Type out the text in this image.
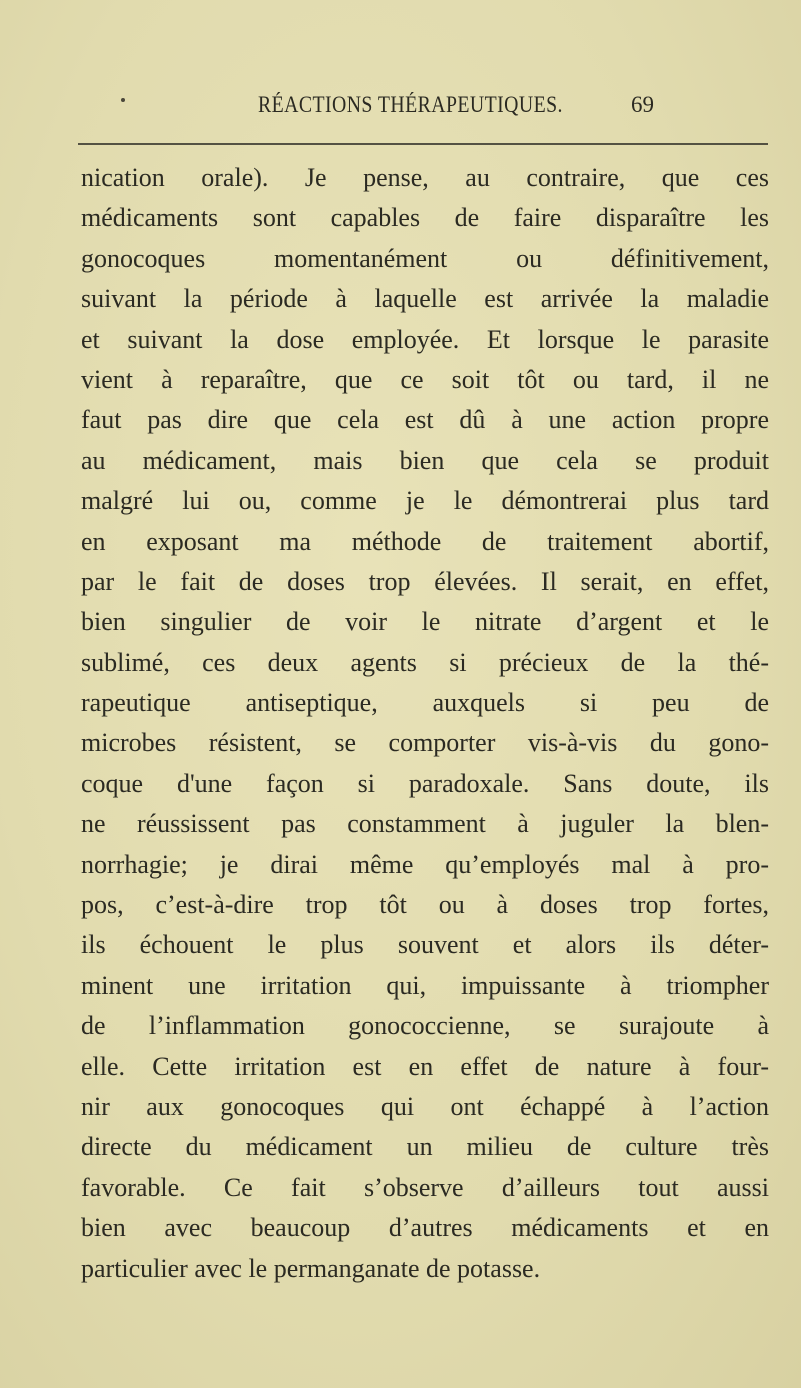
RÉACTIONS THÉRAPEUTIQUES.	69
nication orale). Je pense, au contraire, que ces
médicaments sont capables de faire disparaître les
gonocoques momentanément ou définitivement,
suivant la période à laquelle est arrivée la maladie
et suivant la dose employée. Et lorsque le parasite
vient à reparaître, que ce soit tôt ou tard, il ne
faut pas dire que cela est dû à une action propre
au médicament, mais bien que cela se produit
malgré lui ou, comme je le démontrerai plus tard
en exposant ma méthode de traitement abortif,
par le fait de doses trop élevées. Il serait, en effet,
bien singulier de voir le nitrate d’argent et le
sublimé, ces deux agents si précieux de la thé-
rapeutique antiseptique, auxquels si peu de
microbes résistent, se comporter vis-à-vis du gono-
coque d'une façon si paradoxale. Sans doute, ils
ne réussissent pas constamment à juguler la blen-
norrhagie; je dirai même qu’employés mal à pro-
pos, c’est-à-dire trop tôt ou à doses trop fortes,
ils échouent le plus souvent et alors ils déter-
minent une irritation qui, impuissante à triompher
de l’inflammation gonococcienne, se surajoute à
elle. Cette irritation est en effet de nature à four-
nir aux gonocoques qui ont échappé à l’action
directe du médicament un milieu de culture très
favorable. Ce fait s’observe d’ailleurs tout aussi
bien avec beaucoup d’autres médicaments et en
particulier avec le permanganate de potasse.
